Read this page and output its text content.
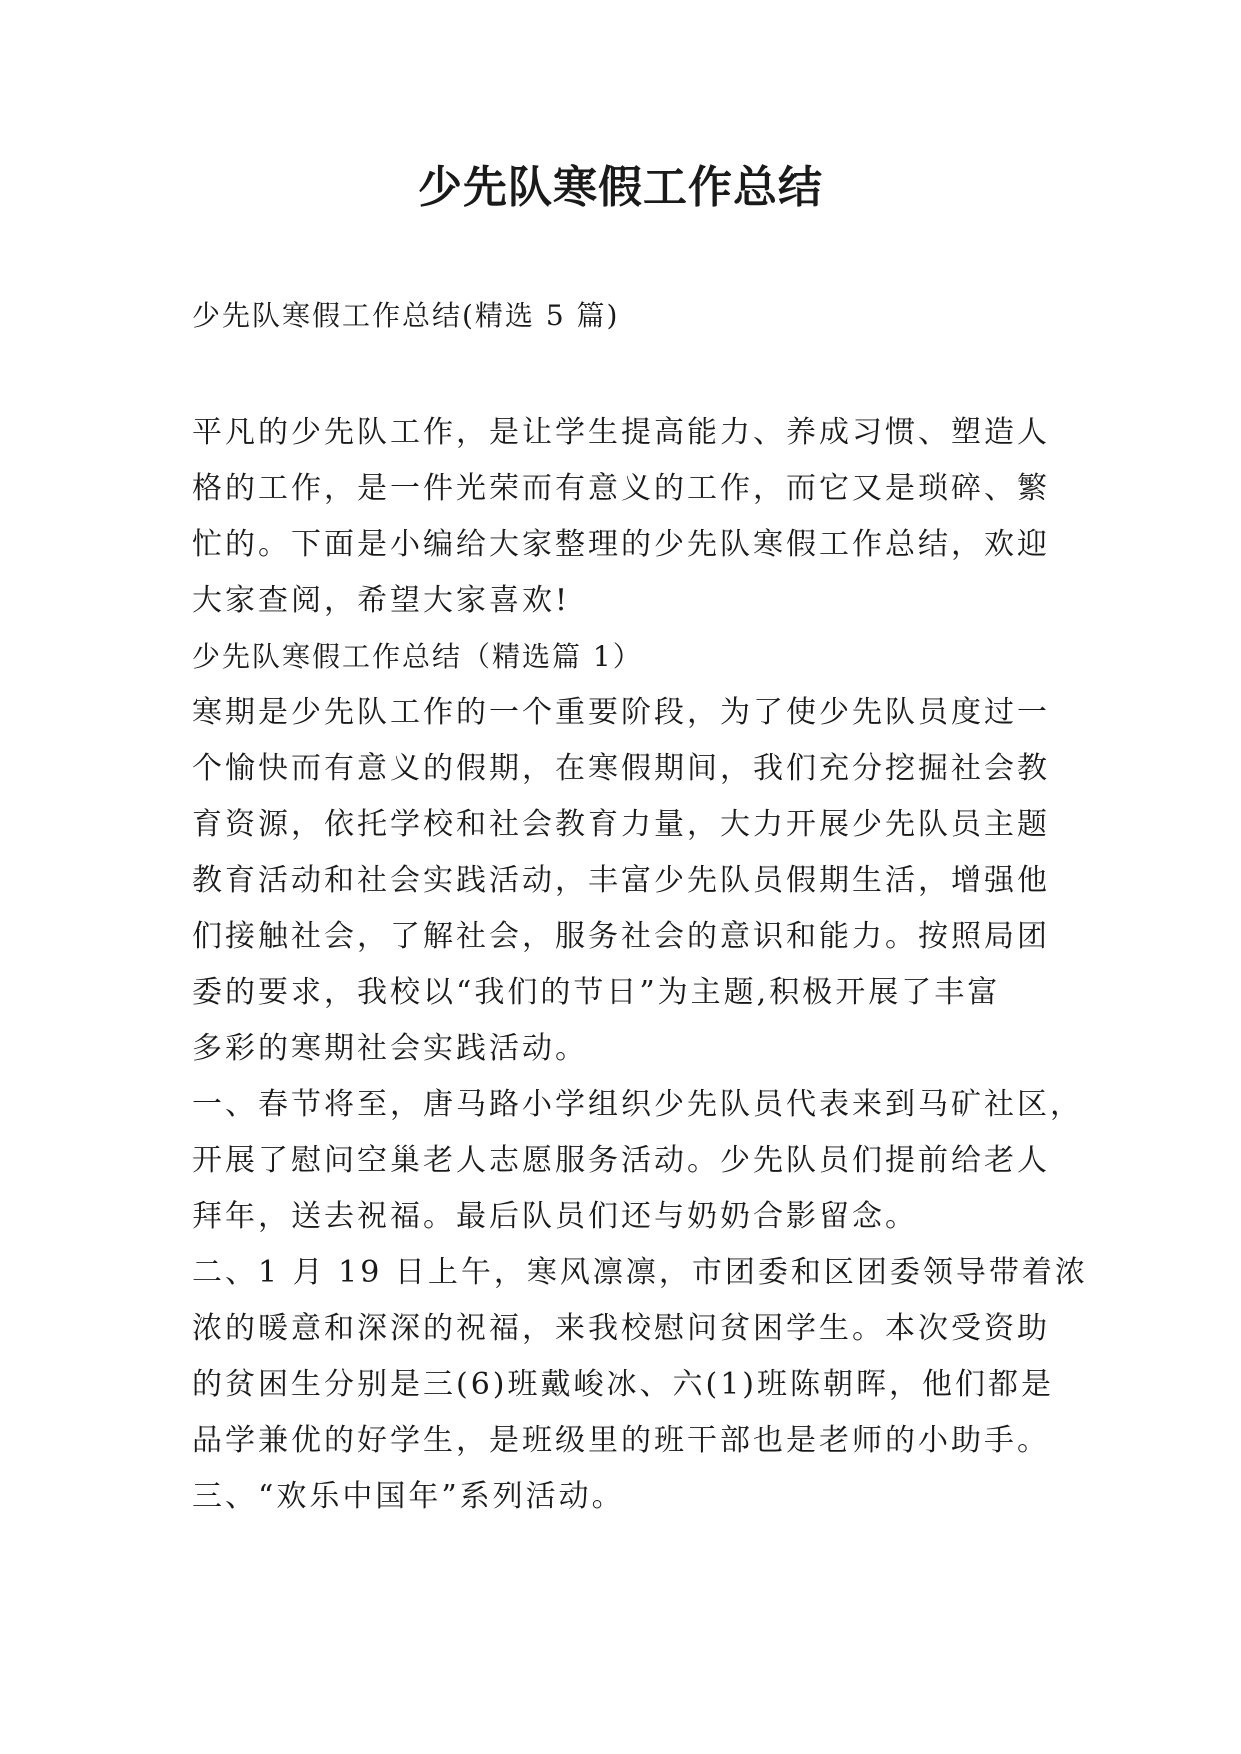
少先队寒假工作总结
少先队寒假工作总结(精选 5 篇)
平凡的少先队工作，是让学生提高能力、养成习惯、塑造人
格的工作，是一件光荣而有意义的工作，而它又是琐碎、繁
忙的。下面是小编给大家整理的少先队寒假工作总结，欢迎
大家查阅，希望大家喜欢!
少先队寒假工作总结（精选篇 1）
寒期是少先队工作的一个重要阶段，为了使少先队员度过一
个愉快而有意义的假期，在寒假期间，我们充分挖掘社会教
育资源，依托学校和社会教育力量，大力开展少先队员主题
教育活动和社会实践活动，丰富少先队员假期生活，增强他
们接触社会，了解社会，服务社会的意识和能力。按照局团
委的要求，我校以“我们的节日”为主题,积极开展了丰富
多彩的寒期社会实践活动。
一、春节将至，唐马路小学组织少先队员代表来到马矿社区，
开展了慰问空巢老人志愿服务活动。少先队员们提前给老人
拜年，送去祝福。最后队员们还与奶奶合影留念。
二、1 月 19 日上午，寒风凛凛，市团委和区团委领导带着浓
浓的暖意和深深的祝福，来我校慰问贫困学生。本次受资助
的贫困生分别是三(6)班戴峻冰、六(1)班陈朝晖，他们都是
品学兼优的好学生，是班级里的班干部也是老师的小助手。
三、“欢乐中国年”系列活动。
